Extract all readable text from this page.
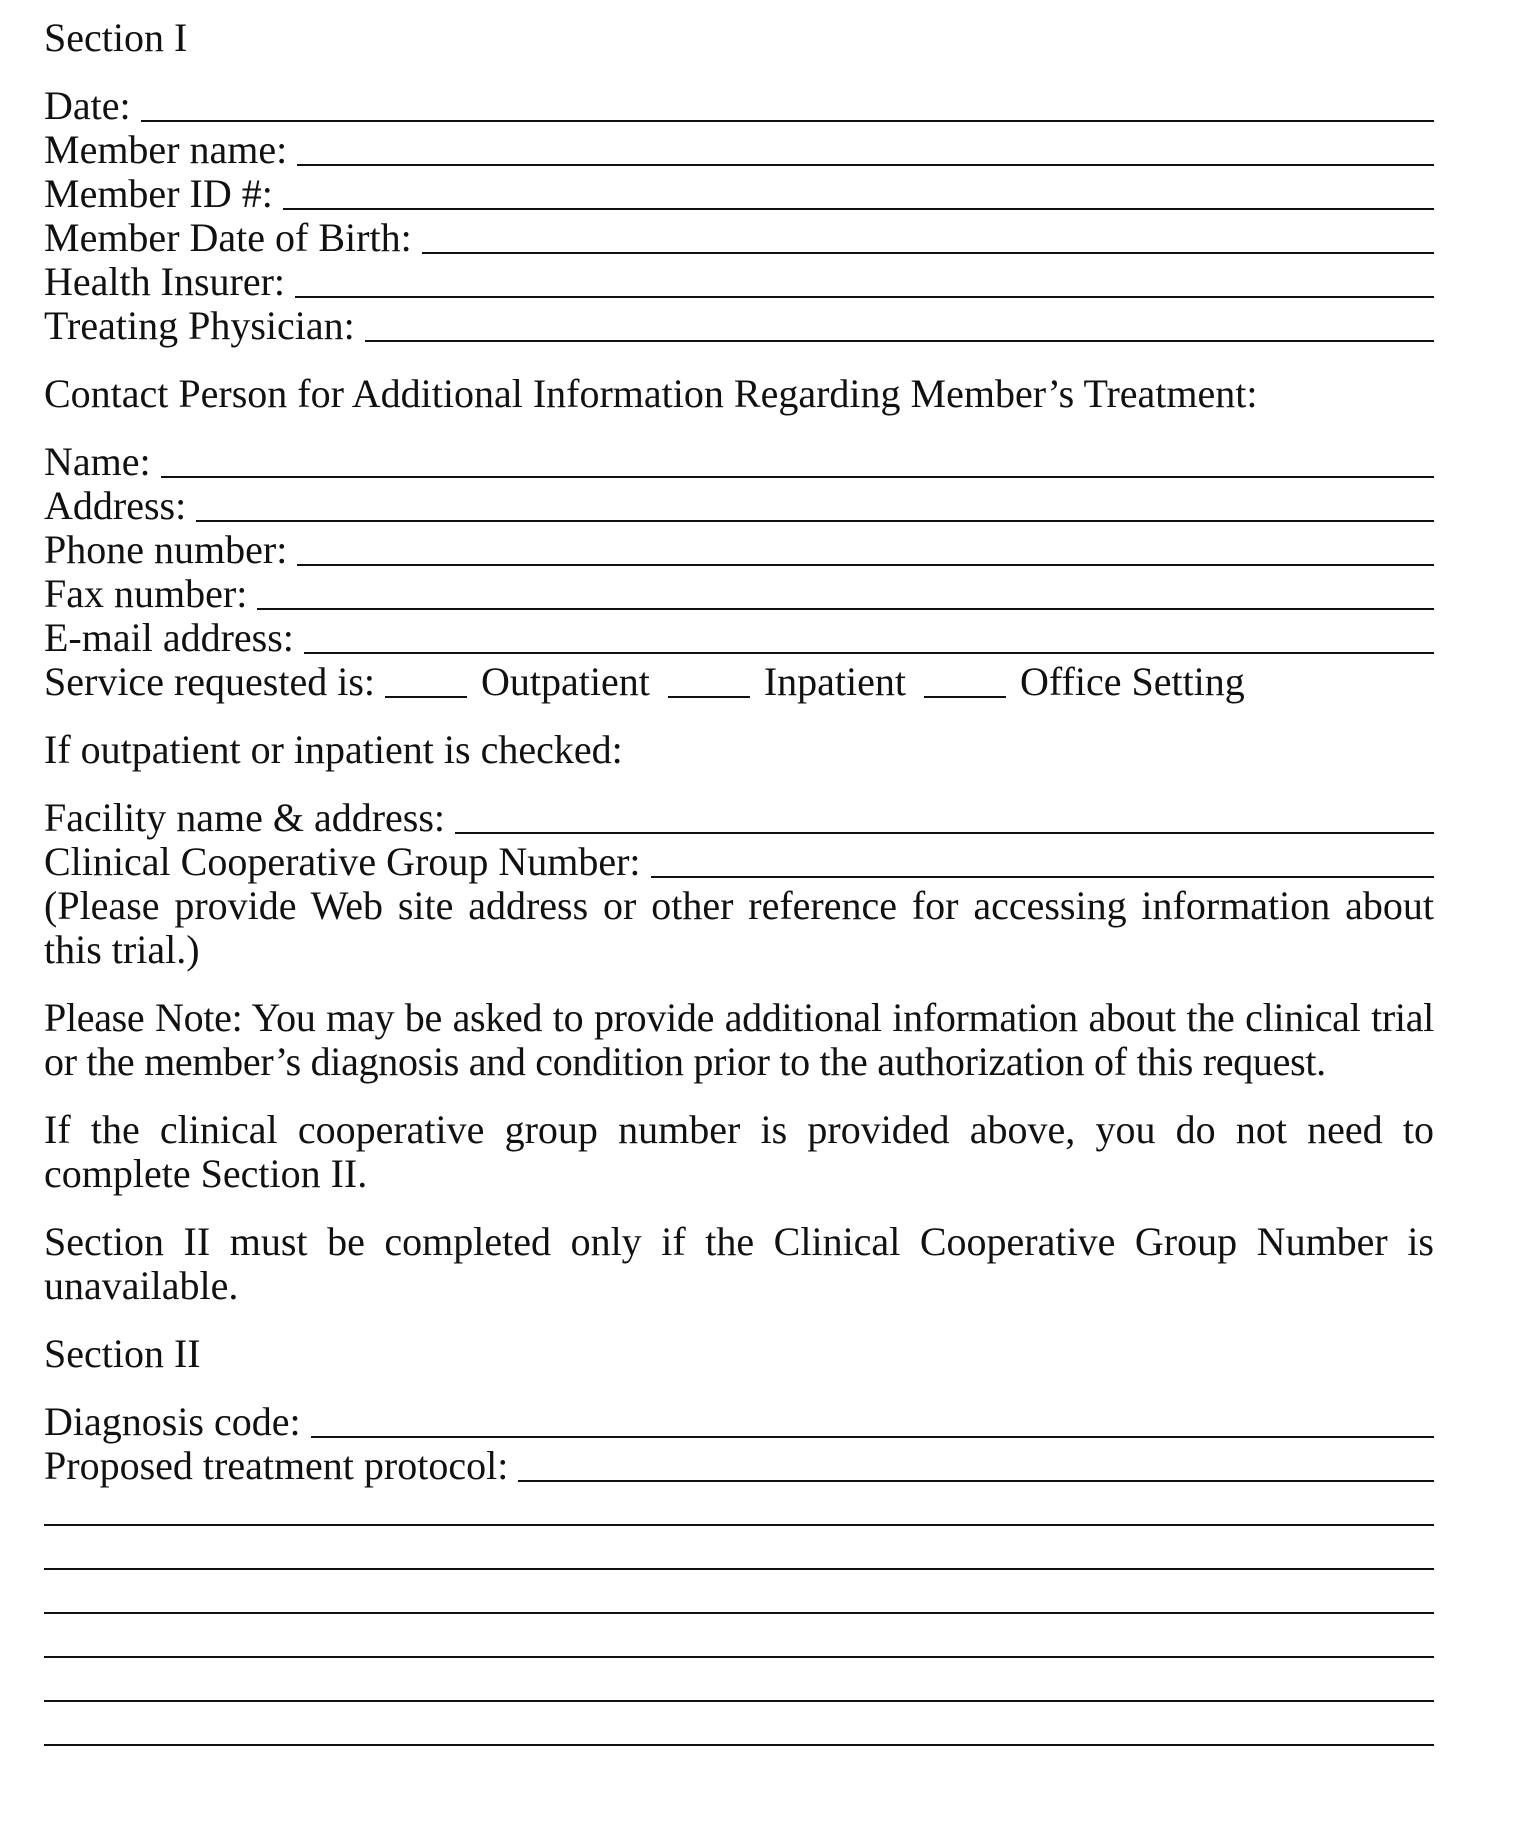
Section I
Date:
Member name:
Member ID #:
Member Date of Birth:
Health Insurer:
Treating Physician:
Contact Person for Additional Information Regarding Member’s Treatment:
Name:
Address:
Phone number:
Fax number:
E-mail address:
Service requested is:	Outpatient	Inpatient	Office Setting
If outpatient or inpatient is checked:
Facility name & address:
Clinical Cooperative Group Number:
(Please provide Web site address or other reference for accessing information about this trial.)
Please Note: You may be asked to provide additional information about the clinical trial or the member’s diagnosis and condition prior to the authorization of this request.
If the clinical cooperative group number is provided above, you do not need to complete Section II.
Section II must be completed only if the Clinical Cooperative Group Number is unavailable.
Section II
Diagnosis code:
Proposed treatment protocol:
